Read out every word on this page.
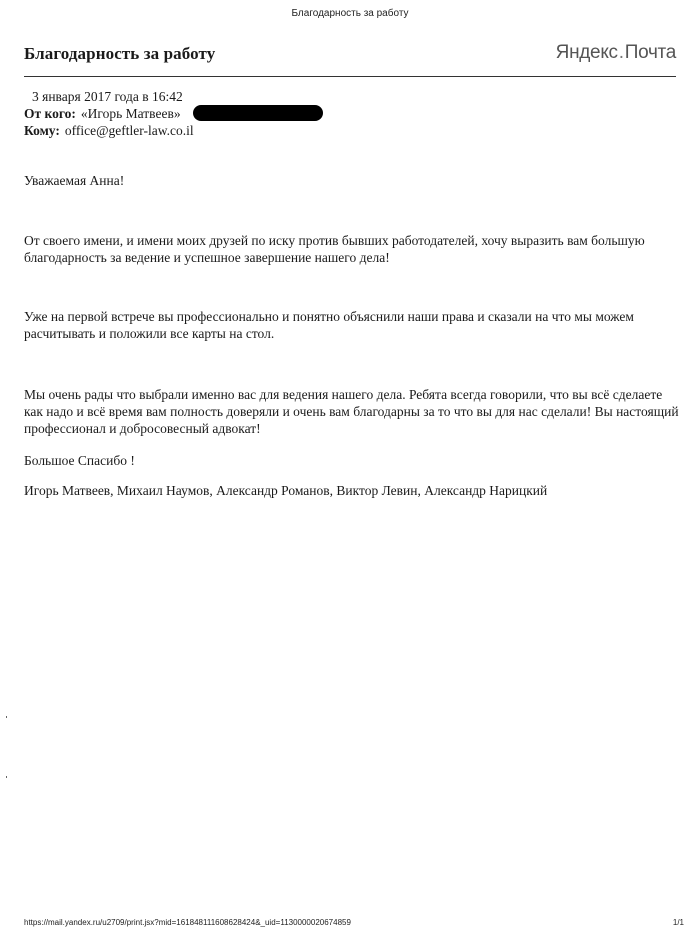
Благодарность за работу
Благодарность за работу	Яндекс.Почта
3 января 2017 года в 16:42
От кого: «Игорь Матвеев»
Кому: office@geftler-law.co.il

Уважаемая Анна!

От своего имени, и имени моих друзей по иску против бывших работодателей, хочу выразить вам большую благодарность за ведение и успешное завершение нашего дела!

Уже на первой встрече вы профессионально и понятно объяснили наши права и сказали на что мы можем расчитывать и положили все карты на стол.

Мы очень рады что выбрали именно вас для ведения нашего дела. Ребята всегда говорили, что вы всё сделаете как надо и всё время вам полность доверяли и очень вам благодарны за то что вы для нас сделали! Вы настоящий профессионал и добросовесный адвокат!

Большое Спасибо !

Игорь Матвеев, Михаил Наумов, Александр Романов, Виктор Левин, Александр Нарицкий

https://mail.yandex.ru/u2709/print.jsx?mid=161848111608628424&_uid=1130000020674859	1/1
